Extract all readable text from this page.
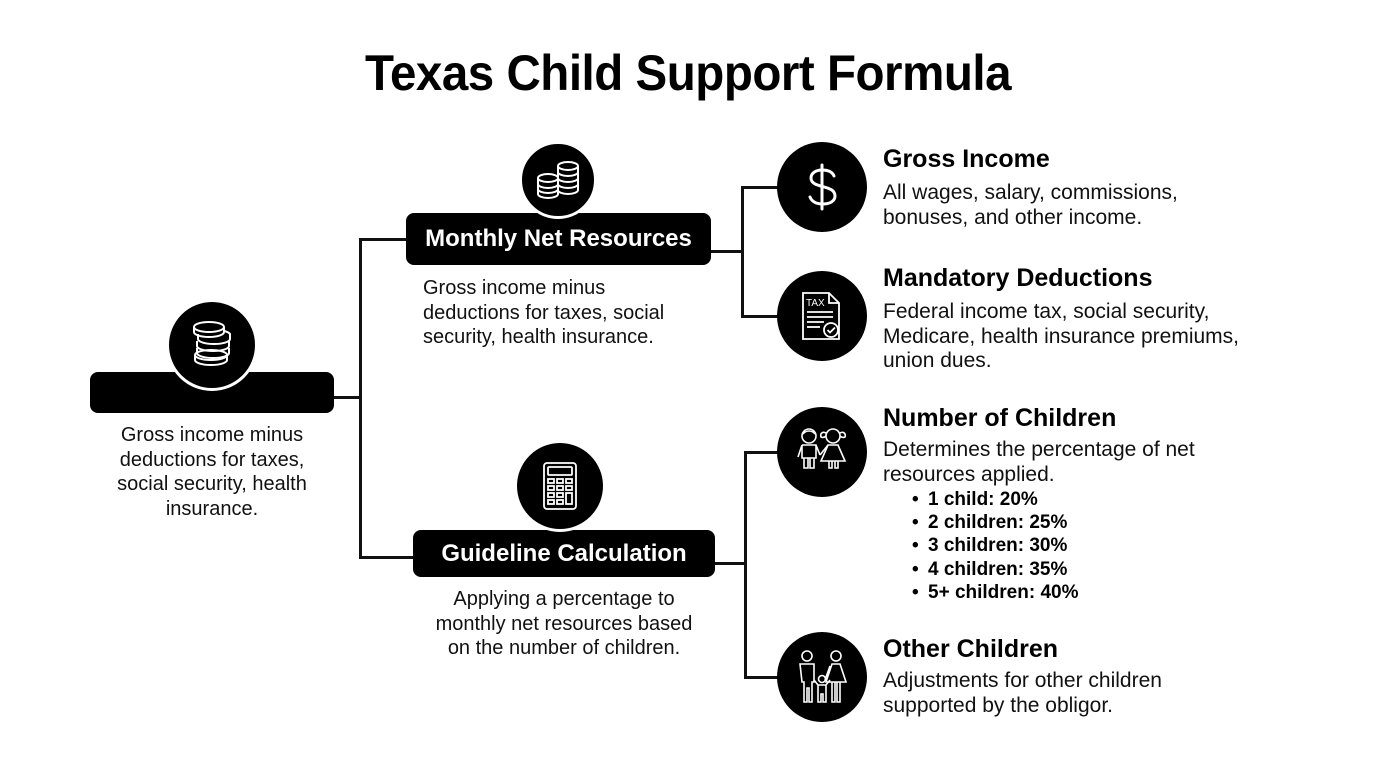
Texas Child Support Formula
Gross income minus
deductions for taxes,
social security, health
insurance.
Monthly Net Resources
Gross income minus
deductions for taxes, social
security, health insurance.
Guideline Calculation
Applying a percentage to
monthly net resources based
on the number of children.
Gross Income
All wages, salary, commissions,
bonuses, and other income.
TAX
Mandatory Deductions
Federal income tax, social security,
Medicare, health insurance premiums,
union dues.
Number of Children
Determines the percentage of net
resources applied.
• 1 child: 20%
• 2 children: 25%
• 3 children: 30%
• 4 children: 35%
• 5+ children: 40%
Other Children
Adjustments for other children
supported by the obligor.
